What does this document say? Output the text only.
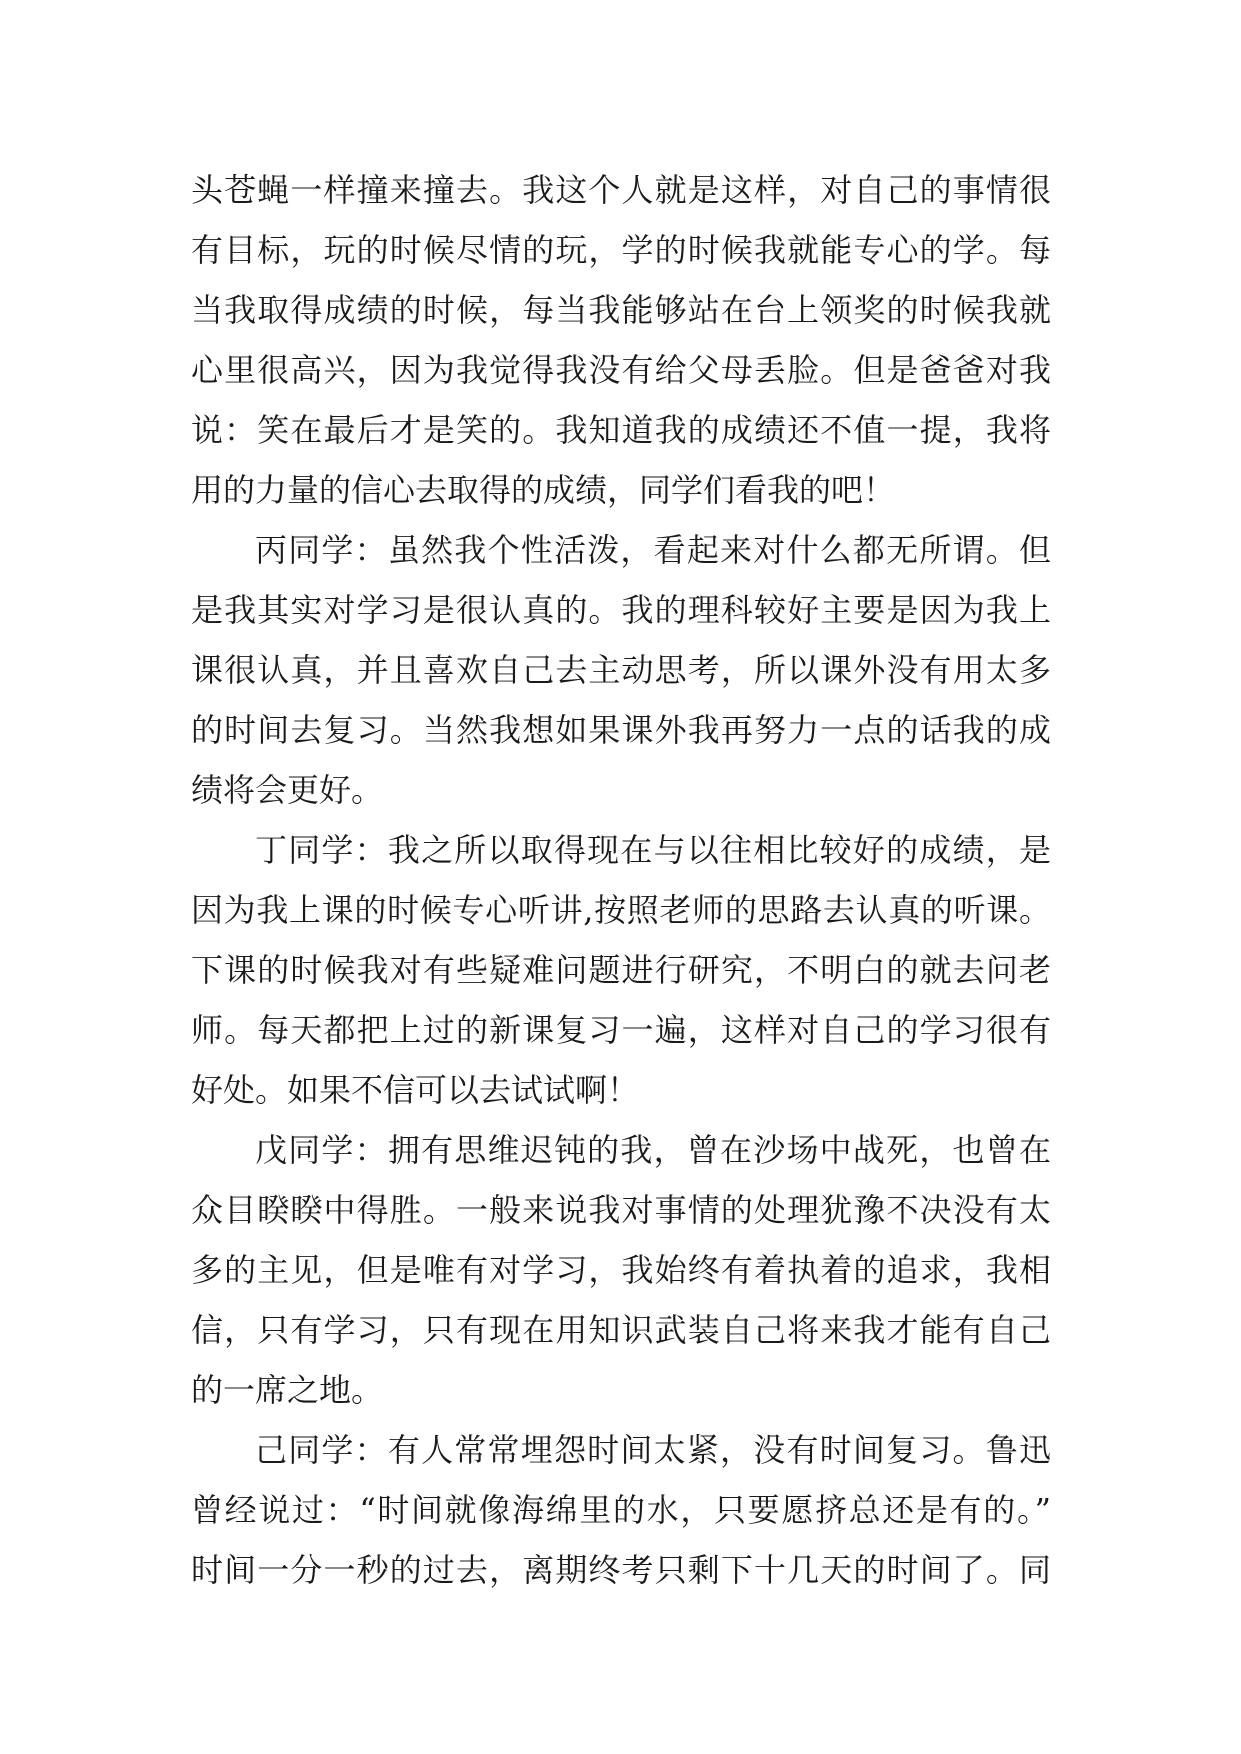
头苍蝇一样撞来撞去。我这个人就是这样，对自己的事情很
有目标，玩的时候尽情的玩，学的时候我就能专心的学。每
当我取得成绩的时候，每当我能够站在台上领奖的时候我就
心里很高兴，因为我觉得我没有给父母丢脸。但是爸爸对我
说：笑在最后才是笑的。我知道我的成绩还不值一提，我将
用的力量的信心去取得的成绩，同学们看我的吧！
丙同学：虽然我个性活泼，看起来对什么都无所谓。但
是我其实对学习是很认真的。我的理科较好主要是因为我上
课很认真，并且喜欢自己去主动思考，所以课外没有用太多
的时间去复习。当然我想如果课外我再努力一点的话我的成
绩将会更好。
丁同学：我之所以取得现在与以往相比较好的成绩，是
因为我上课的时候专心听讲,按照老师的思路去认真的听课。
下课的时候我对有些疑难问题进行研究，不明白的就去问老
师。每天都把上过的新课复习一遍，这样对自己的学习很有
好处。如果不信可以去试试啊！
戊同学：拥有思维迟钝的我，曾在沙场中战死，也曾在
众目睽睽中得胜。一般来说我对事情的处理犹豫不决没有太
多的主见，但是唯有对学习，我始终有着执着的追求，我相
信，只有学习，只有现在用知识武装自己将来我才能有自己
的一席之地。
己同学：有人常常埋怨时间太紧，没有时间复习。鲁迅
曾经说过：“时间就像海绵里的水，只要愿挤总还是有的。”
时间一分一秒的过去，离期终考只剩下十几天的时间了。同
